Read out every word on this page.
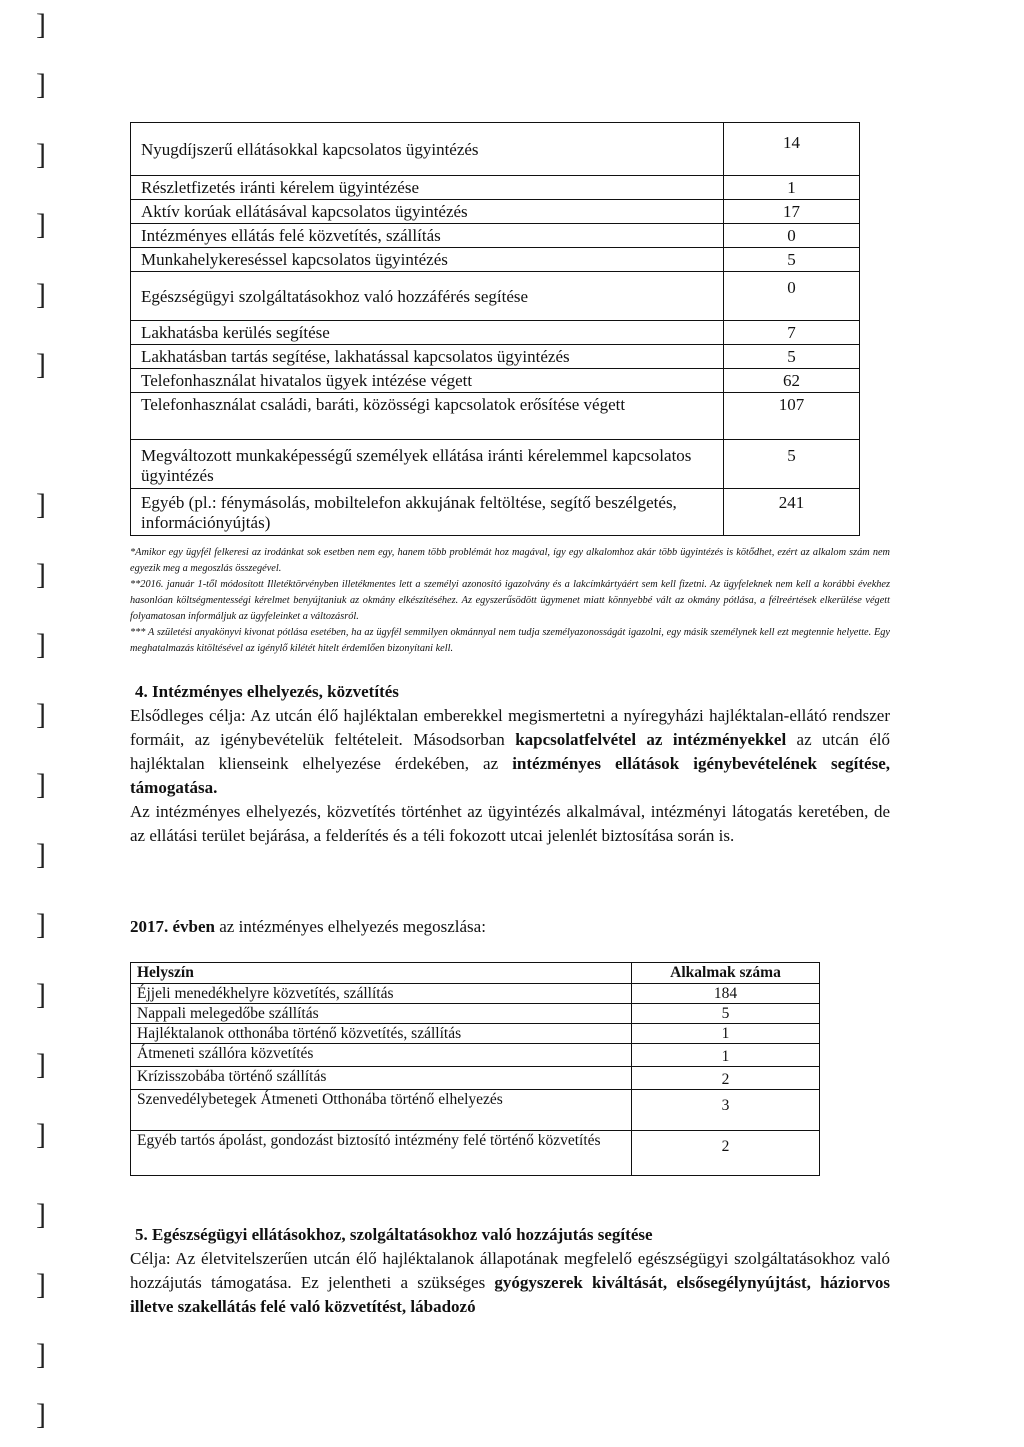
]
]
]
]
]
]
]
]
]
]
]
]
]
]
]
]
]
]
]
]
Nyugdíjszerű ellátásokkal kapcsolatos ügyintézés	14
Részletfizetés iránti kérelem ügyintézése	1
Aktív korúak ellátásával kapcsolatos ügyintézés	17
Intézményes ellátás felé közvetítés, szállítás	0
Munkahelykereséssel kapcsolatos ügyintézés	5
Egészségügyi szolgáltatásokhoz való hozzáférés segítése	0
Lakhatásba kerülés segítése	7
Lakhatásban tartás segítése, lakhatással kapcsolatos ügyintézés	5
Telefonhasználat hivatalos ügyek intézése végett	62
Telefonhasználat családi, baráti, közösségi kapcsolatok erősítése végett	107
Megváltozott munkaképességű személyek ellátása iránti kérelemmel kapcsolatos ügyintézés	5
Egyéb (pl.: fénymásolás, mobiltelefon akkujának feltöltése, segítő beszélgetés, információnyújtás)	241

*Amikor egy ügyfél felkeresi az irodánkat sok esetben nem egy, hanem több problémát hoz magával, így egy alkalomhoz akár több ügyintézés is kötődhet, ezért az alkalom szám nem egyezik meg a megoszlás összegével.

**2016. január 1-től módosított Illetéktörvényben illetékmentes lett a személyi azonosító igazolvány és a lakcímkártyáért sem kell fizetni. Az ügyfeleknek nem kell a korábbi évekhez hasonlóan költségmentességi kérelmet benyújtaniuk az okmány elkészítéséhez. Az egyszerűsödött ügymenet miatt könnyebbé vált az okmány pótlása, a félreértések elkerülése végett folyamatosan informáljuk az ügyfeleinket a változásról.

*** A születési anyakönyvi kivonat pótlása esetében, ha az ügyfél semmilyen okmánnyal nem tudja személyazonosságát igazolni, egy másik személynek kell ezt megtennie helyette. Egy meghatalmazás kitöltésével az igénylő kilétét hitelt érdemlően bizonyítani kell.

4. Intézményes elhelyezés, közvetítés

Elsődleges célja: Az utcán élő hajléktalan emberekkel megismertetni a nyíregyházi hajléktalan-ellátó rendszer formáit, az igénybevételük feltételeit. Másodsorban kapcsolatfelvétel az intézményekkel az utcán élő hajléktalan klienseink elhelyezése érdekében, az intézményes ellátások igénybevételének segítése, támogatása.

Az intézményes elhelyezés, közvetítés történhet az ügyintézés alkalmával, intézményi látogatás keretében, de az ellátási terület bejárása, a felderítés és a téli fokozott utcai jelenlét biztosítása során is.

2017. évben az intézményes elhelyezés megoszlása:

Helyszín	Alkalmak száma
Éjjeli menedékhelyre közvetítés, szállítás	184
Nappali melegedőbe szállítás	5
Hajléktalanok otthonába történő közvetítés, szállítás	1
Átmeneti szállóra közvetítés	1
Krízisszobába történő szállítás	2
Szenvedélybetegek Átmeneti Otthonába történő elhelyezés	3
Egyéb tartós ápolást, gondozást biztosító intézmény felé történő közvetítés	2
5. Egészségügyi ellátásokhoz, szolgáltatásokhoz való hozzájutás segítése

Célja: Az életvitelszerűen utcán élő hajléktalanok állapotának megfelelő egészségügyi szolgáltatásokhoz való hozzájutás támogatása. Ez jelentheti a szükséges gyógyszerek kiváltását, elsősegélynyújtást, háziorvos illetve szakellátás felé való közvetítést, lábadozó
